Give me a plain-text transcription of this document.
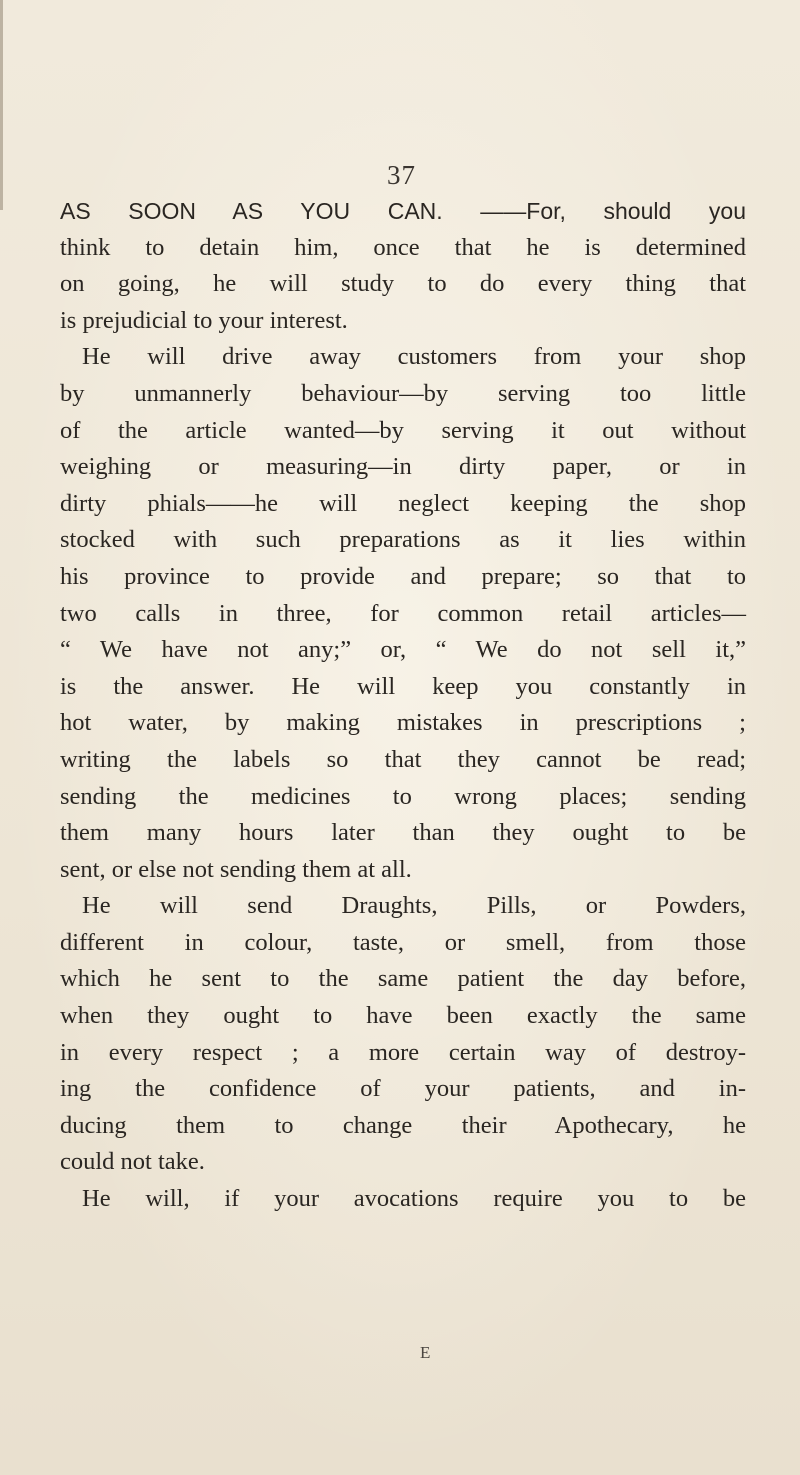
37
AS SOON AS YOU CAN. ——For, should you
think to detain him, once that he is determined
on going, he will study to do every thing that
is prejudicial to your interest.
He will drive away customers from your shop
by unmannerly behaviour—by serving too little
of the article wanted—by serving it out without
weighing or measuring—in dirty paper, or in
dirty phials——he will neglect keeping the shop
stocked with such preparations as it lies within
his province to provide and prepare; so that to
two calls in three, for common retail articles—
“ We have not any;” or, “ We do not sell it,”
is the answer. He will keep you constantly in
hot water, by making mistakes in prescriptions ;
writing the labels so that they cannot be read;
sending the medicines to wrong places; sending
them many hours later than they ought to be
sent, or else not sending them at all.
He will send Draughts, Pills, or Powders,
different in colour, taste, or smell, from those
which he sent to the same patient the day before,
when they ought to have been exactly the same
in every respect ; a more certain way of destroy-
ing the confidence of your patients, and in-
ducing them to change their Apothecary, he
could not take.
He will, if your avocations require you to be
E
